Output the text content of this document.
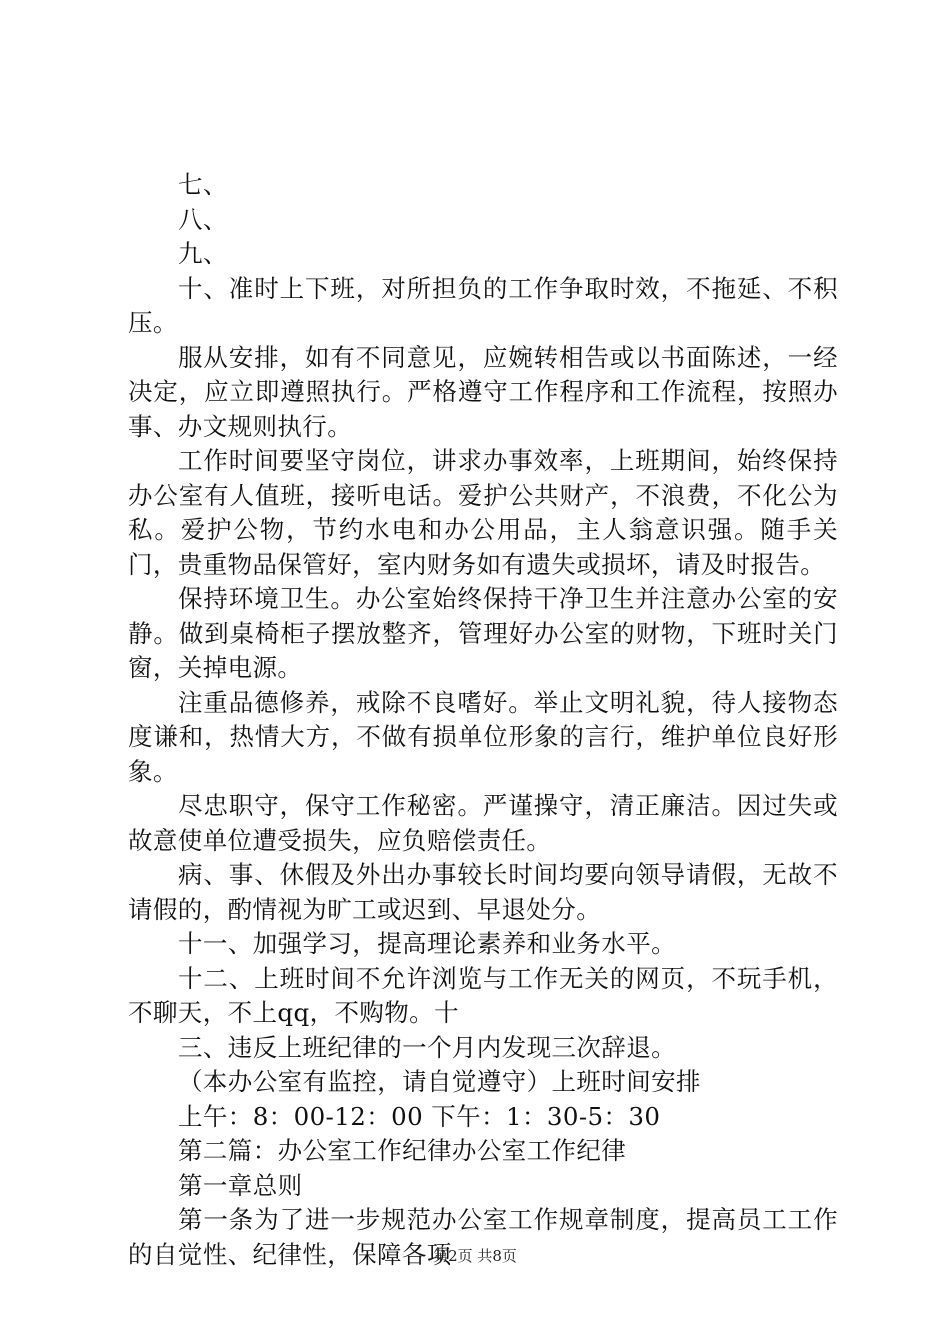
七、

八、

九、

十、准时上下班，对所担负的工作争取时效，不拖延、不积压。

服从安排，如有不同意见，应婉转相告或以书面陈述，一经决定，应立即遵照执行。严格遵守工作程序和工作流程，按照办事、办文规则执行。

工作时间要坚守岗位，讲求办事效率，上班期间，始终保持办公室有人值班，接听电话。爱护公共财产，不浪费，不化公为私。爱护公物，节约水电和办公用品，主人翁意识强。随手关门，贵重物品保管好，室内财务如有遗失或损坏，请及时报告。

保持环境卫生。办公室始终保持干净卫生并注意办公室的安静。做到桌椅柜子摆放整齐，管理好办公室的财物，下班时关门窗，关掉电源。

注重品德修养，戒除不良嗜好。举止文明礼貌，待人接物态度谦和，热情大方，不做有损单位形象的言行，维护单位良好形象。

尽忠职守，保守工作秘密。严谨操守，清正廉洁。因过失或故意使单位遭受损失，应负赔偿责任。

病、事、休假及外出办事较长时间均要向领导请假，无故不请假的，酌情视为旷工或迟到、早退处分。

十一、加强学习，提高理论素养和业务水平。

十二、上班时间不允许浏览与工作无关的网页，不玩手机，不聊天，不上qq，不购物。十

三、违反上班纪律的一个月内发现三次辞退。

（本办公室有监控，请自觉遵守）上班时间安排

上午：8：00-12：00 下午：1：30-5：30

第二篇：办公室工作纪律办公室工作纪律

第一章总则

第一条为了进一步规范办公室工作规章制度，提高员工工作的自觉性、纪律性，保障各项

第2页 共8页
